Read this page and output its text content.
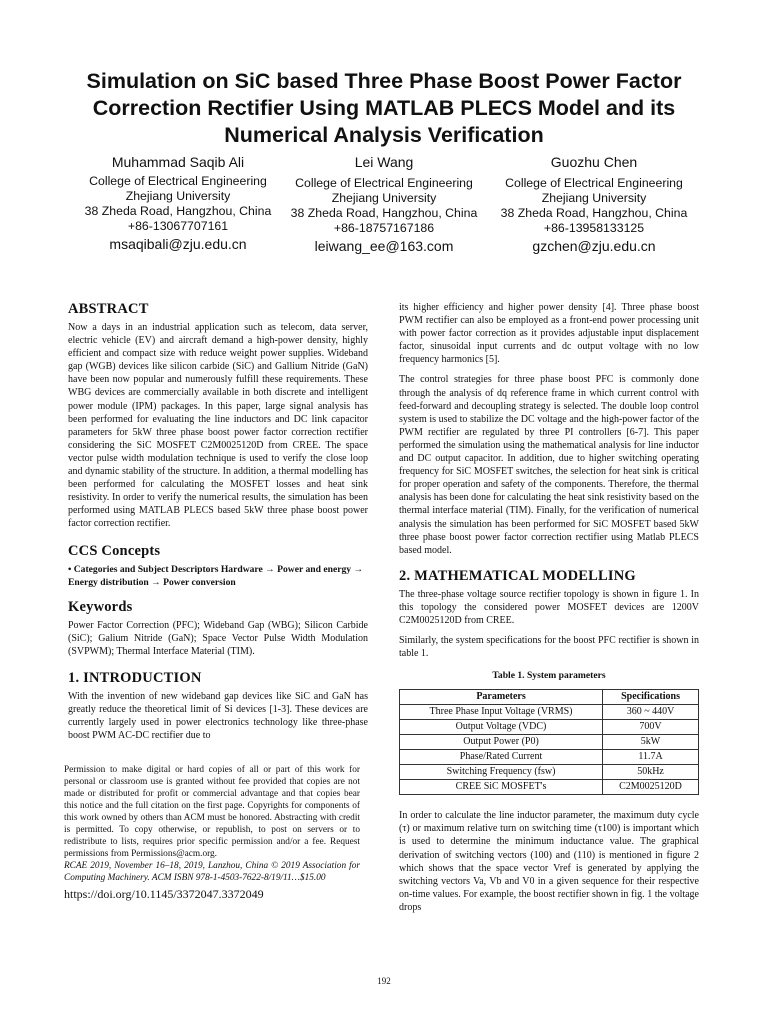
Simulation on SiC based Three Phase Boost Power Factor Correction Rectifier Using MATLAB PLECS Model and its Numerical Analysis Verification
Muhammad Saqib Ali
College of Electrical Engineering
Zhejiang University
38 Zheda Road, Hangzhou, China
+86-13067707161
msaqibali@zju.edu.cn
Lei Wang
College of Electrical Engineering
Zhejiang University
38 Zheda Road, Hangzhou, China
+86-18757167186
leiwang_ee@163.com
Guozhu Chen
College of Electrical Engineering
Zhejiang University
38 Zheda Road, Hangzhou, China
+86-13958133125
gzchen@zju.edu.cn
ABSTRACT

Now a days in an industrial application such as telecom, data server, electric vehicle (EV) and aircraft demand a high-power density, highly efficient and compact size with reduce weight power supplies. Wideband gap (WGB) devices like silicon carbide (SiC) and Gallium Nitride (GaN) have been now popular and numerously fulfill these requirements. These WBG devices are commercially available in both discrete and intelligent power module (IPM) packages. In this paper, large signal analysis has been performed for evaluating the line inductors and DC link capacitor parameters for 5kW three phase boost power factor correction rectifier considering the SiC MOSFET C2M0025120D from CREE. The space vector pulse width modulation technique is used to verify the close loop and dynamic stability of the structure. In addition, a thermal modelling has been performed for calculating the MOSFET losses and heat sink resistivity. In order to verify the numerical results, the simulation has been performed using MATLAB PLECS based 5kW three phase boost power factor correction rectifier.

CCS Concepts

• Categories and Subject Descriptors Hardware → Power and energy → Energy distribution → Power conversion

Keywords

Power Factor Correction (PFC); Wideband Gap (WBG); Silicon Carbide (SiC); Galium Nitride (GaN); Space Vector Pulse Width Modulation (SVPWM); Thermal Interface Material (TIM).

1. INTRODUCTION

With the invention of new wideband gap devices like SiC and GaN has greatly reduce the theoretical limit of Si devices [1-3]. These devices are currently largely used in power electronics technology like three-phase boost PWM AC-DC rectifier due to

Permission to make digital or hard copies of all or part of this work for personal or classroom use is granted without fee provided that copies are not made or distributed for profit or commercial advantage and that copies bear this notice and the full citation on the first page. Copyrights for components of this work owned by others than ACM must be honored. Abstracting with credit is permitted. To copy otherwise, or republish, to post on servers or to redistribute to lists, requires prior specific permission and/or a fee. Request permissions from Permissions@acm.org.

RCAE 2019, November 16–18, 2019, Lanzhou, China © 2019 Association for Computing Machinery. ACM ISBN 978-1-4503-7622-8/19/11…$15.00

https://doi.org/10.1145/3372047.3372049

its higher efficiency and higher power density [4]. Three phase boost PWM rectifier can also be employed as a front-end power processing unit with power factor correction as it provides adjustable input displacement factor, sinusoidal input currents and dc output voltage with no low frequency harmonics [5].

The control strategies for three phase boost PFC is commonly done through the analysis of dq reference frame in which current control with feed-forward and decoupling strategy is selected. The double loop control system is used to stabilize the DC voltage and the high-power factor of the PWM rectifier are regulated by three PI controllers [6-7]. This paper performed the simulation using the mathematical analysis for line inductor and DC output capacitor. In addition, due to higher switching operating frequency for SiC MOSFET switches, the selection for heat sink is critical for proper operation and safety of the components. Therefore, the thermal analysis has been done for calculating the heat sink resistivity based on the thermal interface material (TIM). Finally, for the verification of numerical analysis the simulation has been performed for SiC MOSFET based 5kW three phase boost power factor correction rectifier using Matlab PLECS based model.

2. MATHEMATICAL MODELLING

The three-phase voltage source rectifier topology is shown in figure 1. In this topology the considered power MOSFET devices are 1200V C2M0025120D from CREE.

Similarly, the system specifications for the boost PFC rectifier is shown in table 1.

Table 1. System parameters
Parameters	Specifications
Three Phase Input Voltage (VRMS)	360 ~ 440V
Output Voltage (VDC)	700V
Output Power (P0)	5kW
Phase/Rated Current	11.7A
Switching Frequency (fsw)	50kHz
CREE SiC MOSFET's	C2M0025120D

In order to calculate the line inductor parameter, the maximum duty cycle (τ) or maximum relative turn on switching time (τ100) is important which is used to determine the minimum inductance value. The graphical derivation of switching vectors (100) and (110) is mentioned in figure 2 which shows that the space vector Vref is generated by applying the switching vectors Va, Vb and V0 in a given sequence for their respective on-time values. For example, the boost rectifier shown in fig. 1 the voltage drops

192
